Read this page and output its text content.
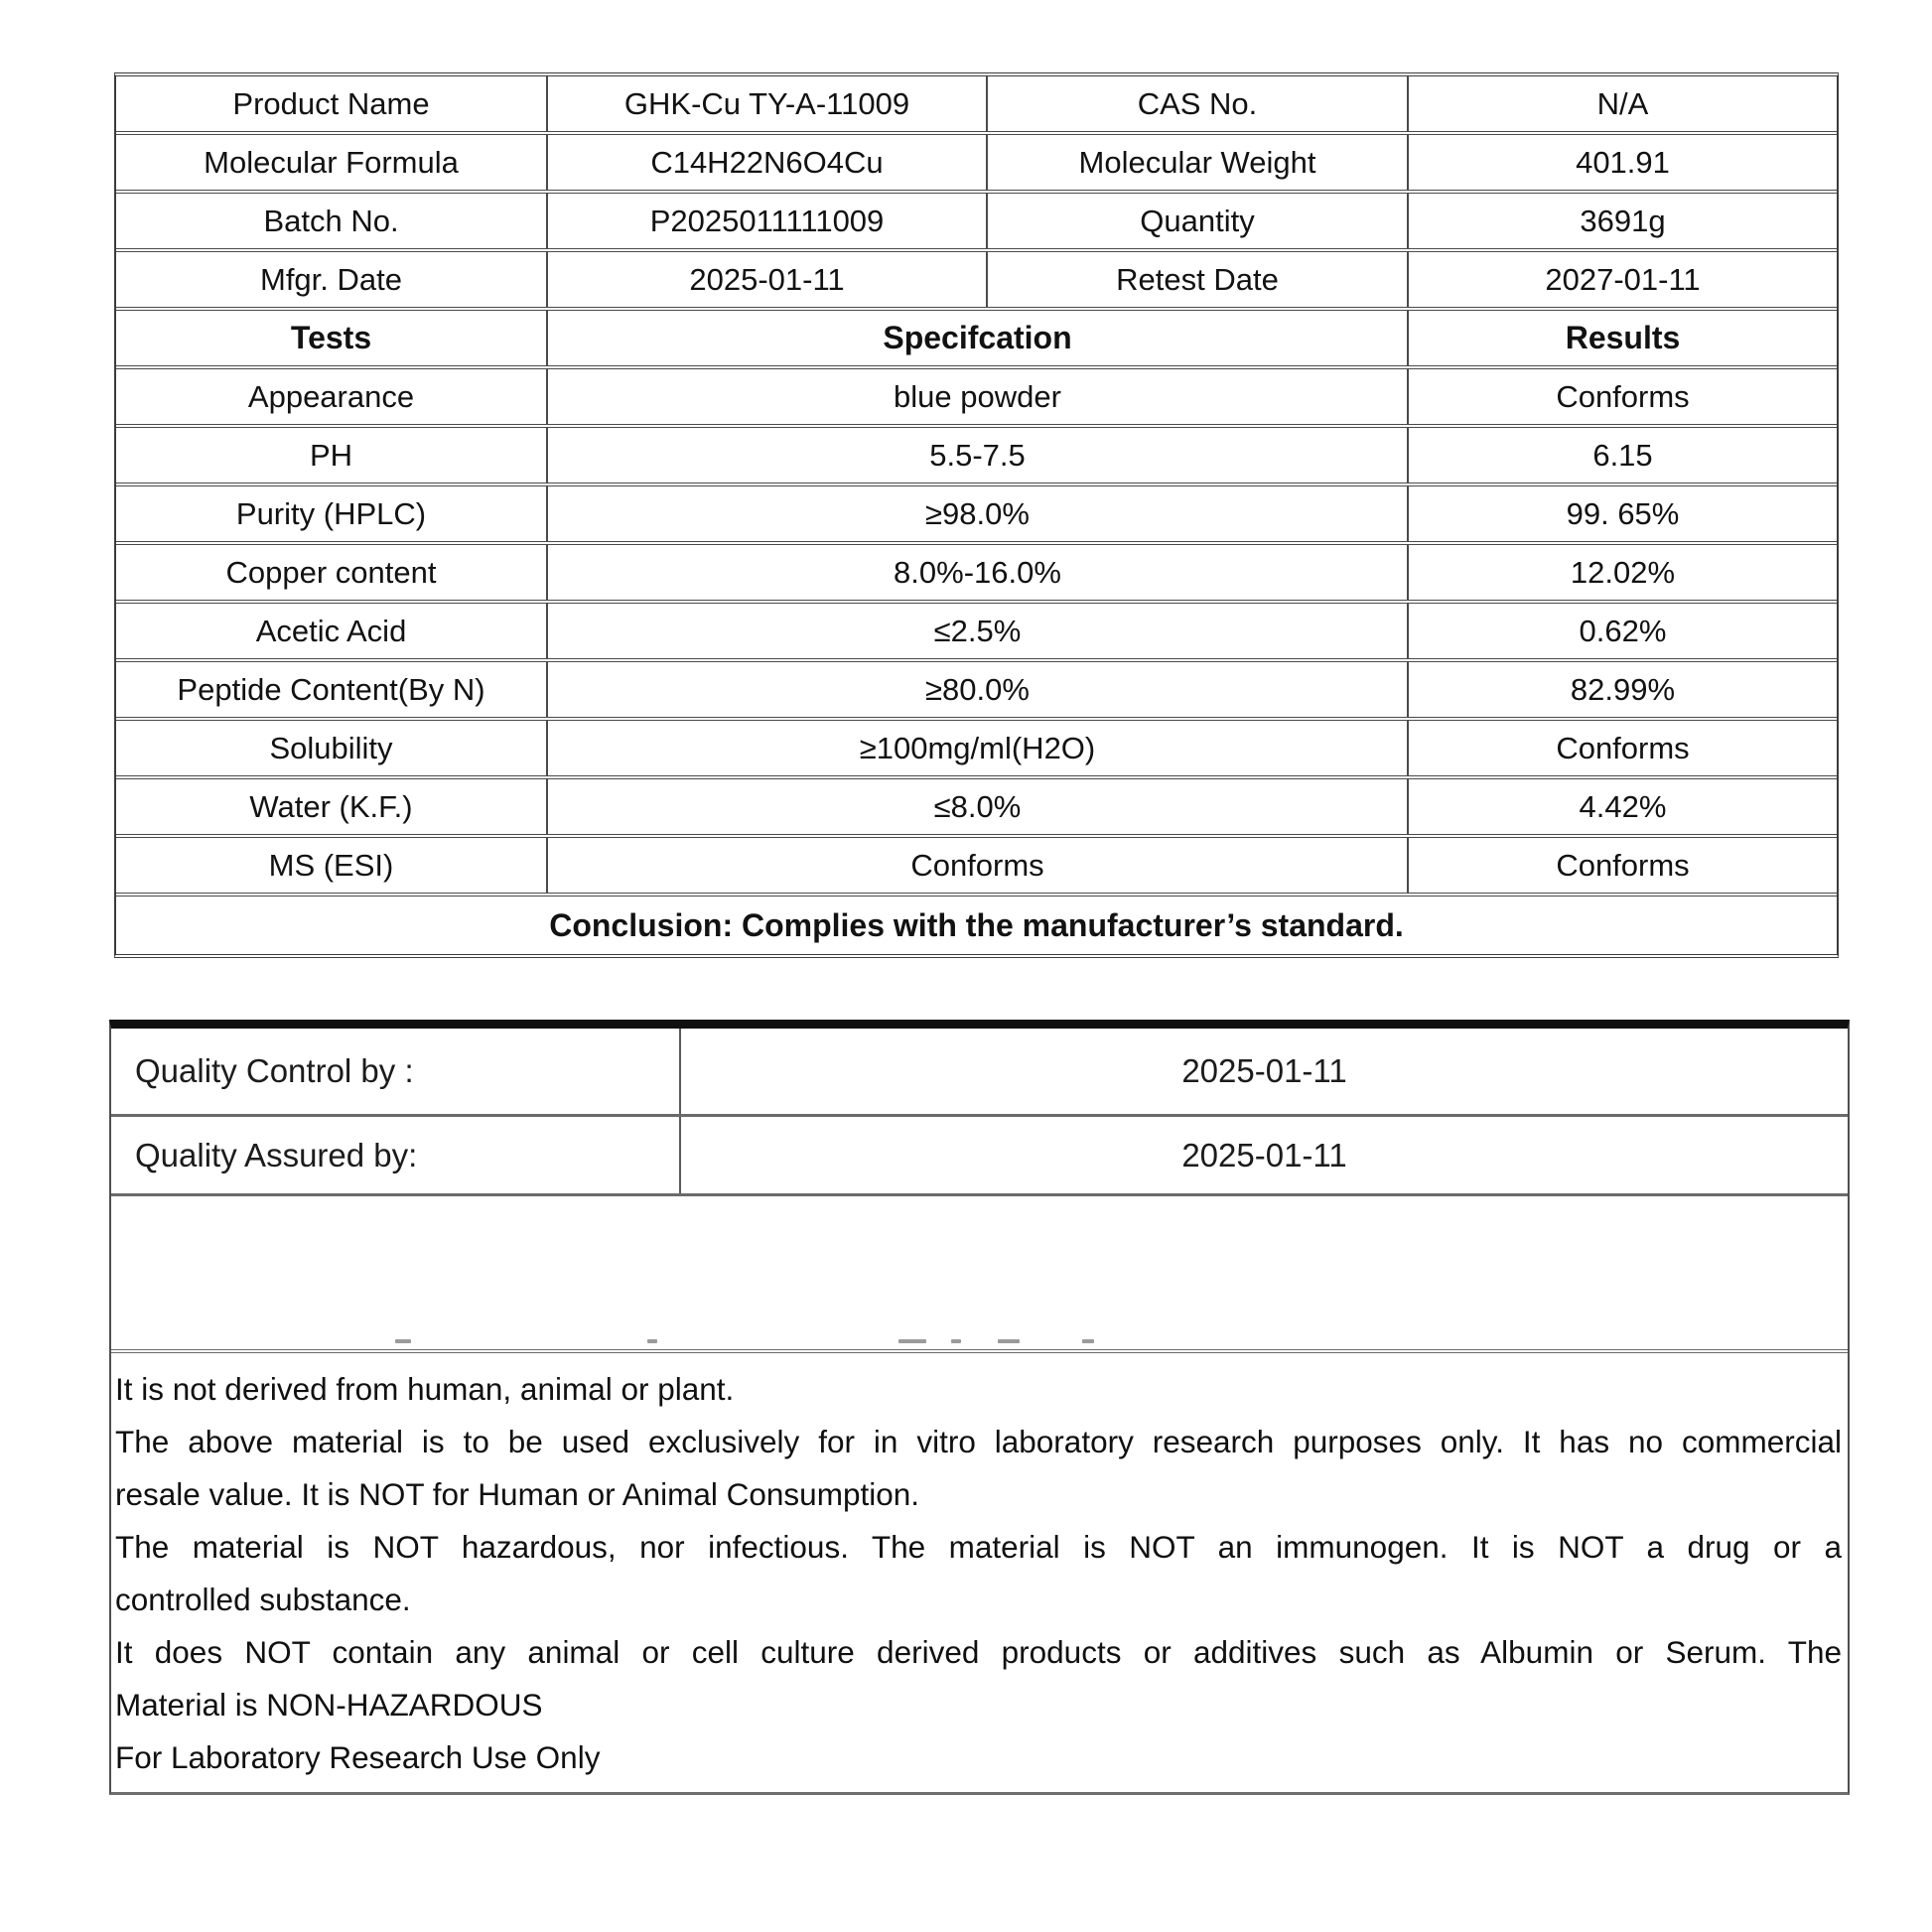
Product Name	GHK-Cu TY-A-11009	CAS No.	N/A
Molecular Formula	C14H22N6O4Cu	Molecular Weight	401.91
Batch No.	P2025011111009	Quantity	3691g
Mfgr. Date	2025-01-11	Retest Date	2027-01-11
Tests	Specifcation	Results
Appearance	blue powder	Conforms
PH	5.5-7.5	6.15
Purity (HPLC)	≥98.0%	99. 65%
Copper content	8.0%-16.0%	12.02%
Acetic Acid	≤2.5%	0.62%
Peptide Content(By N)	≥80.0%	82.99%
Solubility	≥100mg/ml(H2O)	Conforms
Water (K.F.)	≤8.0%	4.42%
MS (ESI)	Conforms	Conforms
Conclusion: Complies with the manufacturer’s standard.
Quality Control by :	2025-01-11
Quality Assured by:	2025-01-11
It is not derived from human, animal or plant.
The above material is to be used exclusively for in vitro laboratory research purposes only. It has no commercial
resale value. It is NOT for Human or Animal Consumption.
The material is NOT hazardous, nor infectious. The material is NOT an immunogen. It is NOT a drug or a
controlled substance.
It does NOT contain any animal or cell culture derived products or additives such as Albumin or Serum. The
Material is NON-HAZARDOUS
For Laboratory Research Use Only
